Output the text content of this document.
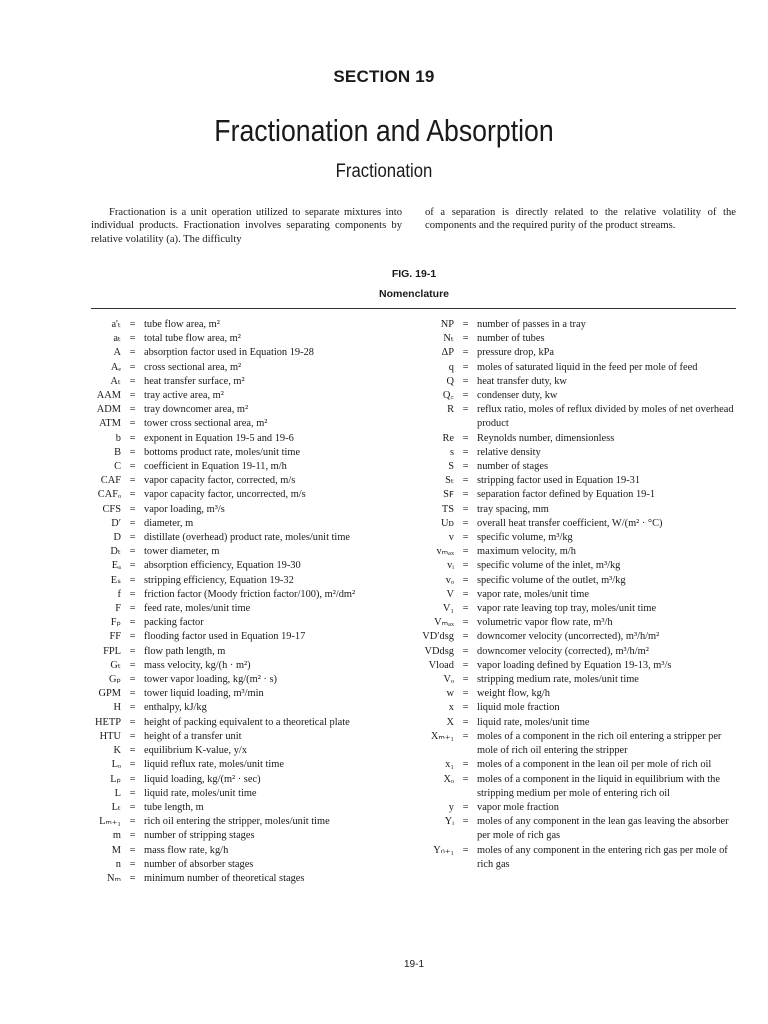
SECTION 19
Fractionation and Absorption
Fractionation

Fractionation is a unit operation utilized to separate mixtures into individual products. Fractionation involves separating components by relative volatility (a). The difficulty

of a separation is directly related to the relative volatility of the components and the required purity of the product streams.

FIG. 19-1
Nomenclature
a'ₜ = tube flow area, m²
aₜ = total tube flow area, m²
A = absorption factor used in Equation 19-28
Aₑ = cross sectional area, m²
Aₜ = heat transfer surface, m²
AAM = tray active area, m²
ADM = tray downcomer area, m²
ATM = tower cross sectional area, m²
b = exponent in Equation 19-5 and 19-6
B = bottoms product rate, moles/unit time
C = coefficient in Equation 19-11, m/h
CAF = vapor capacity factor, corrected, m/s
CAFₒ = vapor capacity factor, uncorrected, m/s
CFS = vapor loading, m³/s
D′ = diameter, m
D = distillate (overhead) product rate, moles/unit time
Dₜ = tower diameter, m
Eₐ = absorption efficiency, Equation 19-30
Eₛ = stripping efficiency, Equation 19-32
f = friction factor (Moody friction factor/100), m²/dm²
F = feed rate, moles/unit time
Fₚ = packing factor
FF = flooding factor used in Equation 19-17
FPL = flow path length, m
Gₜ = mass velocity, kg/(h · m²)
Gₚ = tower vapor loading, kg/(m² · s)
GPM = tower liquid loading, m³/min
H = enthalpy, kJ/kg
HETP = height of packing equivalent to a theoretical plate
HTU = height of a transfer unit
K = equilibrium K-value, y/x
Lₒ = liquid reflux rate, moles/unit time
Lₚ = liquid loading, kg/(m² · sec)
L = liquid rate, moles/unit time
Lₜ = tube length, m
Lₘ₊₁ = rich oil entering the stripper, moles/unit time
m = number of stripping stages
M = mass flow rate, kg/h
n = number of absorber stages
Nₘ = minimum number of theoretical stages
NP = number of passes in a tray
Nₜ = number of tubes
ΔP = pressure drop, kPa
q = moles of saturated liquid in the feed per mole of feed
Q = heat transfer duty, kw
Q꜀ = condenser duty, kw
R = reflux ratio, moles of reflux divided by moles of net overhead product
Re = Reynolds number, dimensionless
s = relative density
S = number of stages
Sₜ = stripping factor used in Equation 19-31
Sꜰ = separation factor defined by Equation 19-1
TS = tray spacing, mm
Uᴅ = overall heat transfer coefficient, W/(m² · °C)
v = specific volume, m³/kg
vₘₐₓ = maximum velocity, m/h
vᵢ = specific volume of the inlet, m³/kg
vₒ = specific volume of the outlet, m³/kg
V = vapor rate, moles/unit time
V₁ = vapor rate leaving top tray, moles/unit time
Vₘₐₓ = volumetric vapor flow rate, m³/h
VD′dsg = downcomer velocity (uncorrected), m³/h/m²
VDdsg = downcomer velocity (corrected), m³/h/m²
Vload = vapor loading defined by Equation 19-13, m³/s
Vₒ = stripping medium rate, moles/unit time
w = weight flow, kg/h
x = liquid mole fraction
X = liquid rate, moles/unit time
Xₘ₊₁ = moles of a component in the rich oil entering a stripper per mole of rich oil entering the stripper
x₁ = moles of a component in the lean oil per mole of rich oil
Xₒ = moles of a component in the liquid in equilibrium with the stripping medium per mole of entering rich oil
y = vapor mole fraction
Yᵢ = moles of any component in the lean gas leaving the absorber per mole of rich gas
Yₙ₊₁ = moles of any component in the entering rich gas per mole of rich gas
19-1
